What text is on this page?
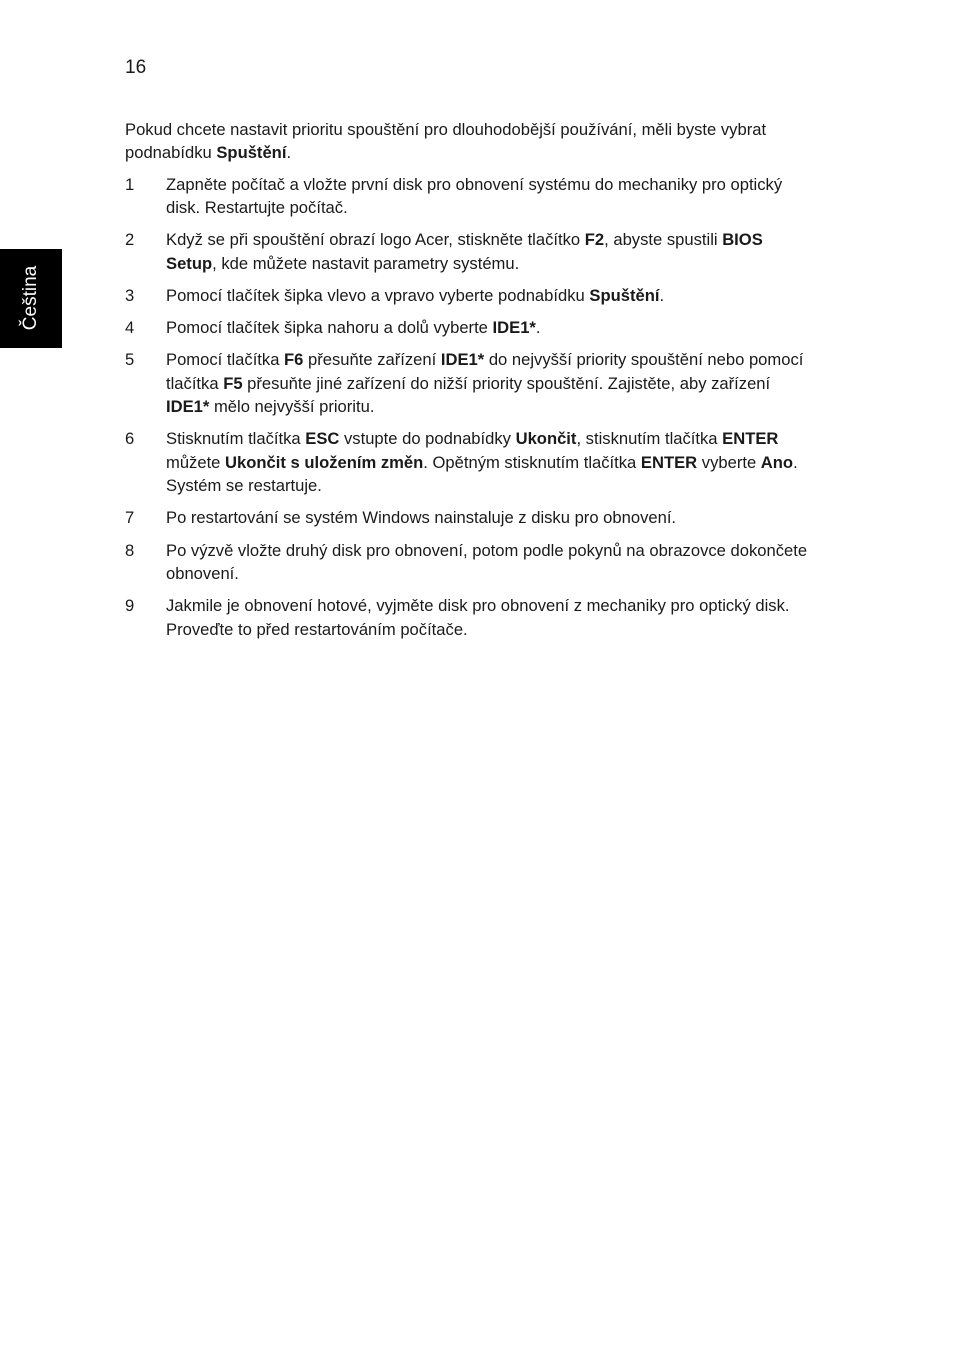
16
Čeština

Pokud chcete nastavit prioritu spouštění pro dlouhodobější používání, měli byste vybrat podnabídku Spuštění.

1	Zapněte počítač a vložte první disk pro obnovení systému do mechaniky pro optický disk. Restartujte počítač.
2	Když se při spouštění obrazí logo Acer, stiskněte tlačítko F2, abyste spustili BIOS Setup, kde můžete nastavit parametry systému.
3	Pomocí tlačítek šipka vlevo a vpravo vyberte podnabídku Spuštění.
4	Pomocí tlačítek šipka nahoru a dolů vyberte IDE1*.
5	Pomocí tlačítka F6 přesuňte zařízení IDE1* do nejvyšší priority spouštění nebo pomocí tlačítka F5 přesuňte jiné zařízení do nižší priority spouštění. Zajistěte, aby zařízení IDE1* mělo nejvyšší prioritu.
6	Stisknutím tlačítka ESC vstupte do podnabídky Ukončit, stisknutím tlačítka ENTER můžete Ukončit s uložením změn. Opětným stisknutím tlačítka ENTER vyberte Ano. Systém se restartuje.
7	Po restartování se systém Windows nainstaluje z disku pro obnovení.
8	Po výzvě vložte druhý disk pro obnovení, potom podle pokynů na obrazovce dokončete obnovení.
9	Jakmile je obnovení hotové, vyjměte disk pro obnovení z mechaniky pro optický disk. Proveďte to před restartováním počítače.
